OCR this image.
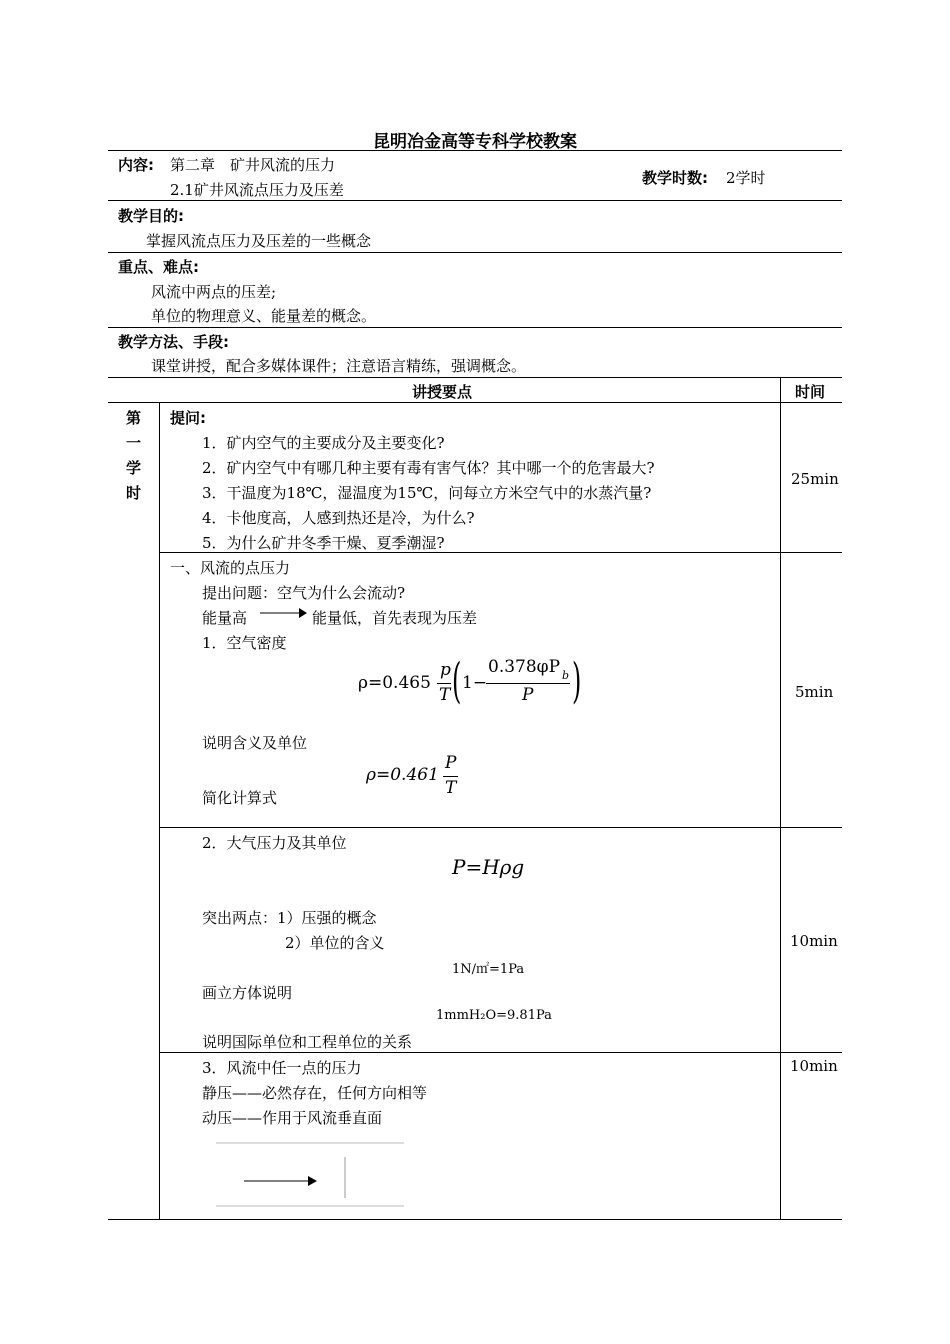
昆明冶金高等专科学校教案
内容: 第二章　矿井风流的压力
2.1矿井风流点压力及压差
教学时数: 2学时
教学目的:
掌握风流点压力及压差的一些概念
重点、难点:
风流中两点的压差;
单位的物理意义、能量差的概念。
教学方法、手段:
课堂讲授，配合多媒体课件；注意语言精练，强调概念。
讲授要点	时间
第
一
学
时
提问:
1．矿内空气的主要成分及主要变化?
2．矿内空气中有哪几种主要有毒有害气体？其中哪一个的危害最大?
3．干温度为18℃，湿温度为15℃，问每立方米空气中的水蒸汽量?
4．卡他度高，人感到热还是冷，为什么?
5．为什么矿井冬季干燥、夏季潮湿?
25min
一、风流的点压力
提出问题：空气为什么会流动?
能量高	能量低，首先表现为压差
1．空气密度
ρ=0.465
p
T ( 1−
0.378φP b
P )
说明含义及单位
ρ=0.461
P
T
简化计算式
5min
2．大气压力及其单位
P=Hρg
突出两点：1）压强的概念
2）单位的含义
1N/㎡=1Pa
画立方体说明
1mmH₂O=9.81Pa
说明国际单位和工程单位的关系
10min
3．风流中任一点的压力
静压——必然存在，任何方向相等
动压——作用于风流垂直面
10min
